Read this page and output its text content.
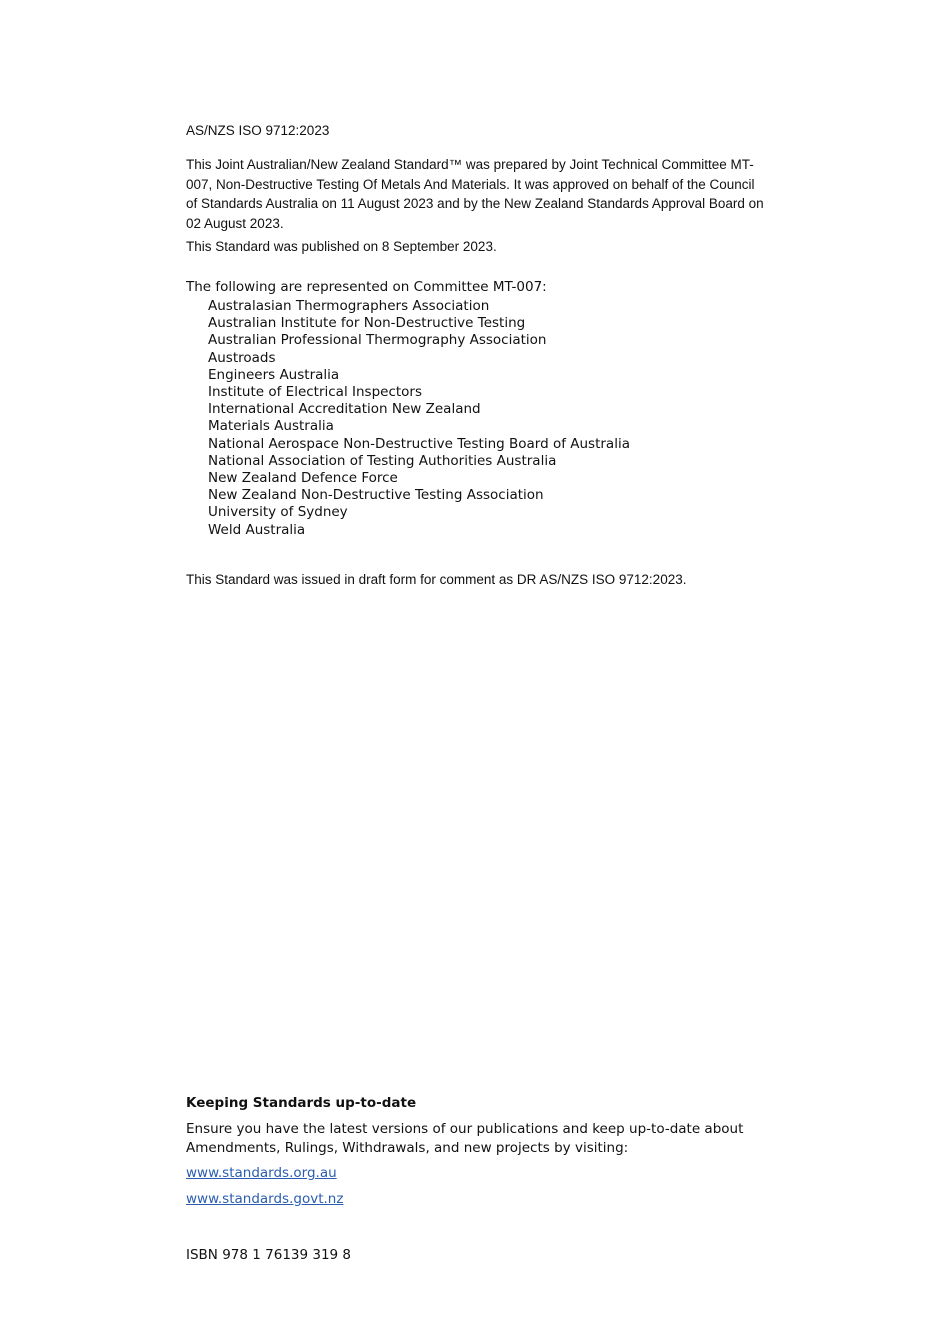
AS/NZS ISO 9712:2023
This Joint Australian/New Zealand Standard™ was prepared by Joint Technical Committee MT-007, Non-Destructive Testing Of Metals And Materials. It was approved on behalf of the Council of Standards Australia on 11 August 2023 and by the New Zealand Standards Approval Board on 02 August 2023.
This Standard was published on 8 September 2023.
The following are represented on Committee MT-007:
Australasian Thermographers Association
Australian Institute for Non-Destructive Testing
Australian Professional Thermography Association
Austroads
Engineers Australia
Institute of Electrical Inspectors
International Accreditation New Zealand
Materials Australia
National Aerospace Non-Destructive Testing Board of Australia
National Association of Testing Authorities Australia
New Zealand Defence Force
New Zealand Non-Destructive Testing Association
University of Sydney
Weld Australia
This Standard was issued in draft form for comment as DR AS/NZS ISO 9712:2023.
Keeping Standards up-to-date
Ensure you have the latest versions of our publications and keep up-to-date about Amendments, Rulings, Withdrawals, and new projects by visiting:
www.standards.org.au
www.standards.govt.nz
ISBN 978 1 76139 319 8
